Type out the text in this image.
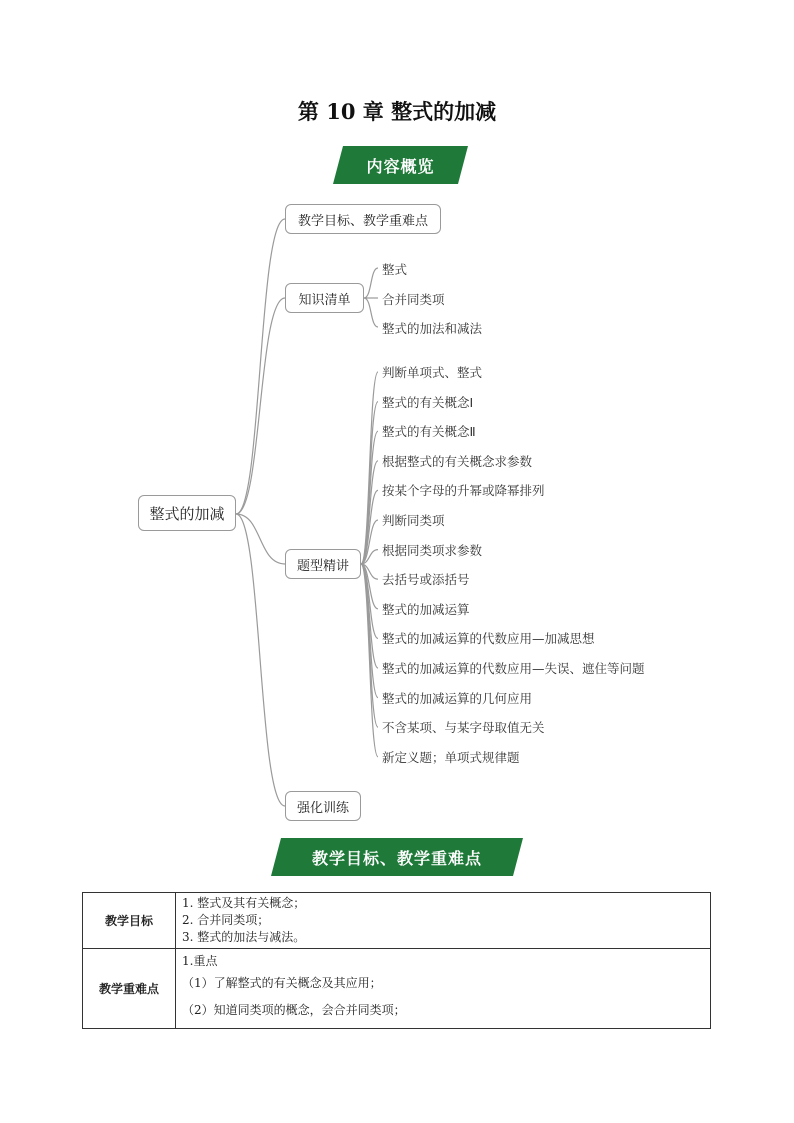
第 10 章 整式的加减
内容概览
整式的加减
教学目标、教学重难点
知识清单
题型精讲
强化训练
整式
合并同类项
整式的加法和减法
判断单项式、整式
整式的有关概念Ⅰ
整式的有关概念Ⅱ
根据整式的有关概念求参数
按某个字母的升幂或降幂排列
判断同类项
根据同类项求参数
去括号或添括号
整式的加减运算
整式的加减运算的代数应用—加减思想
整式的加减运算的代数应用—失误、遮住等问题
整式的加减运算的几何应用
不含某项、与某字母取值无关
新定义题；单项式规律题
教学目标、教学重难点
教学目标	1. 整式及其有关概念；
2. 合并同类项；
3. 整式的加法与减法。

教学重难点	1.重点
（1）了解整式的有关概念及其应用；
（2）知道同类项的概念，会合并同类项；
